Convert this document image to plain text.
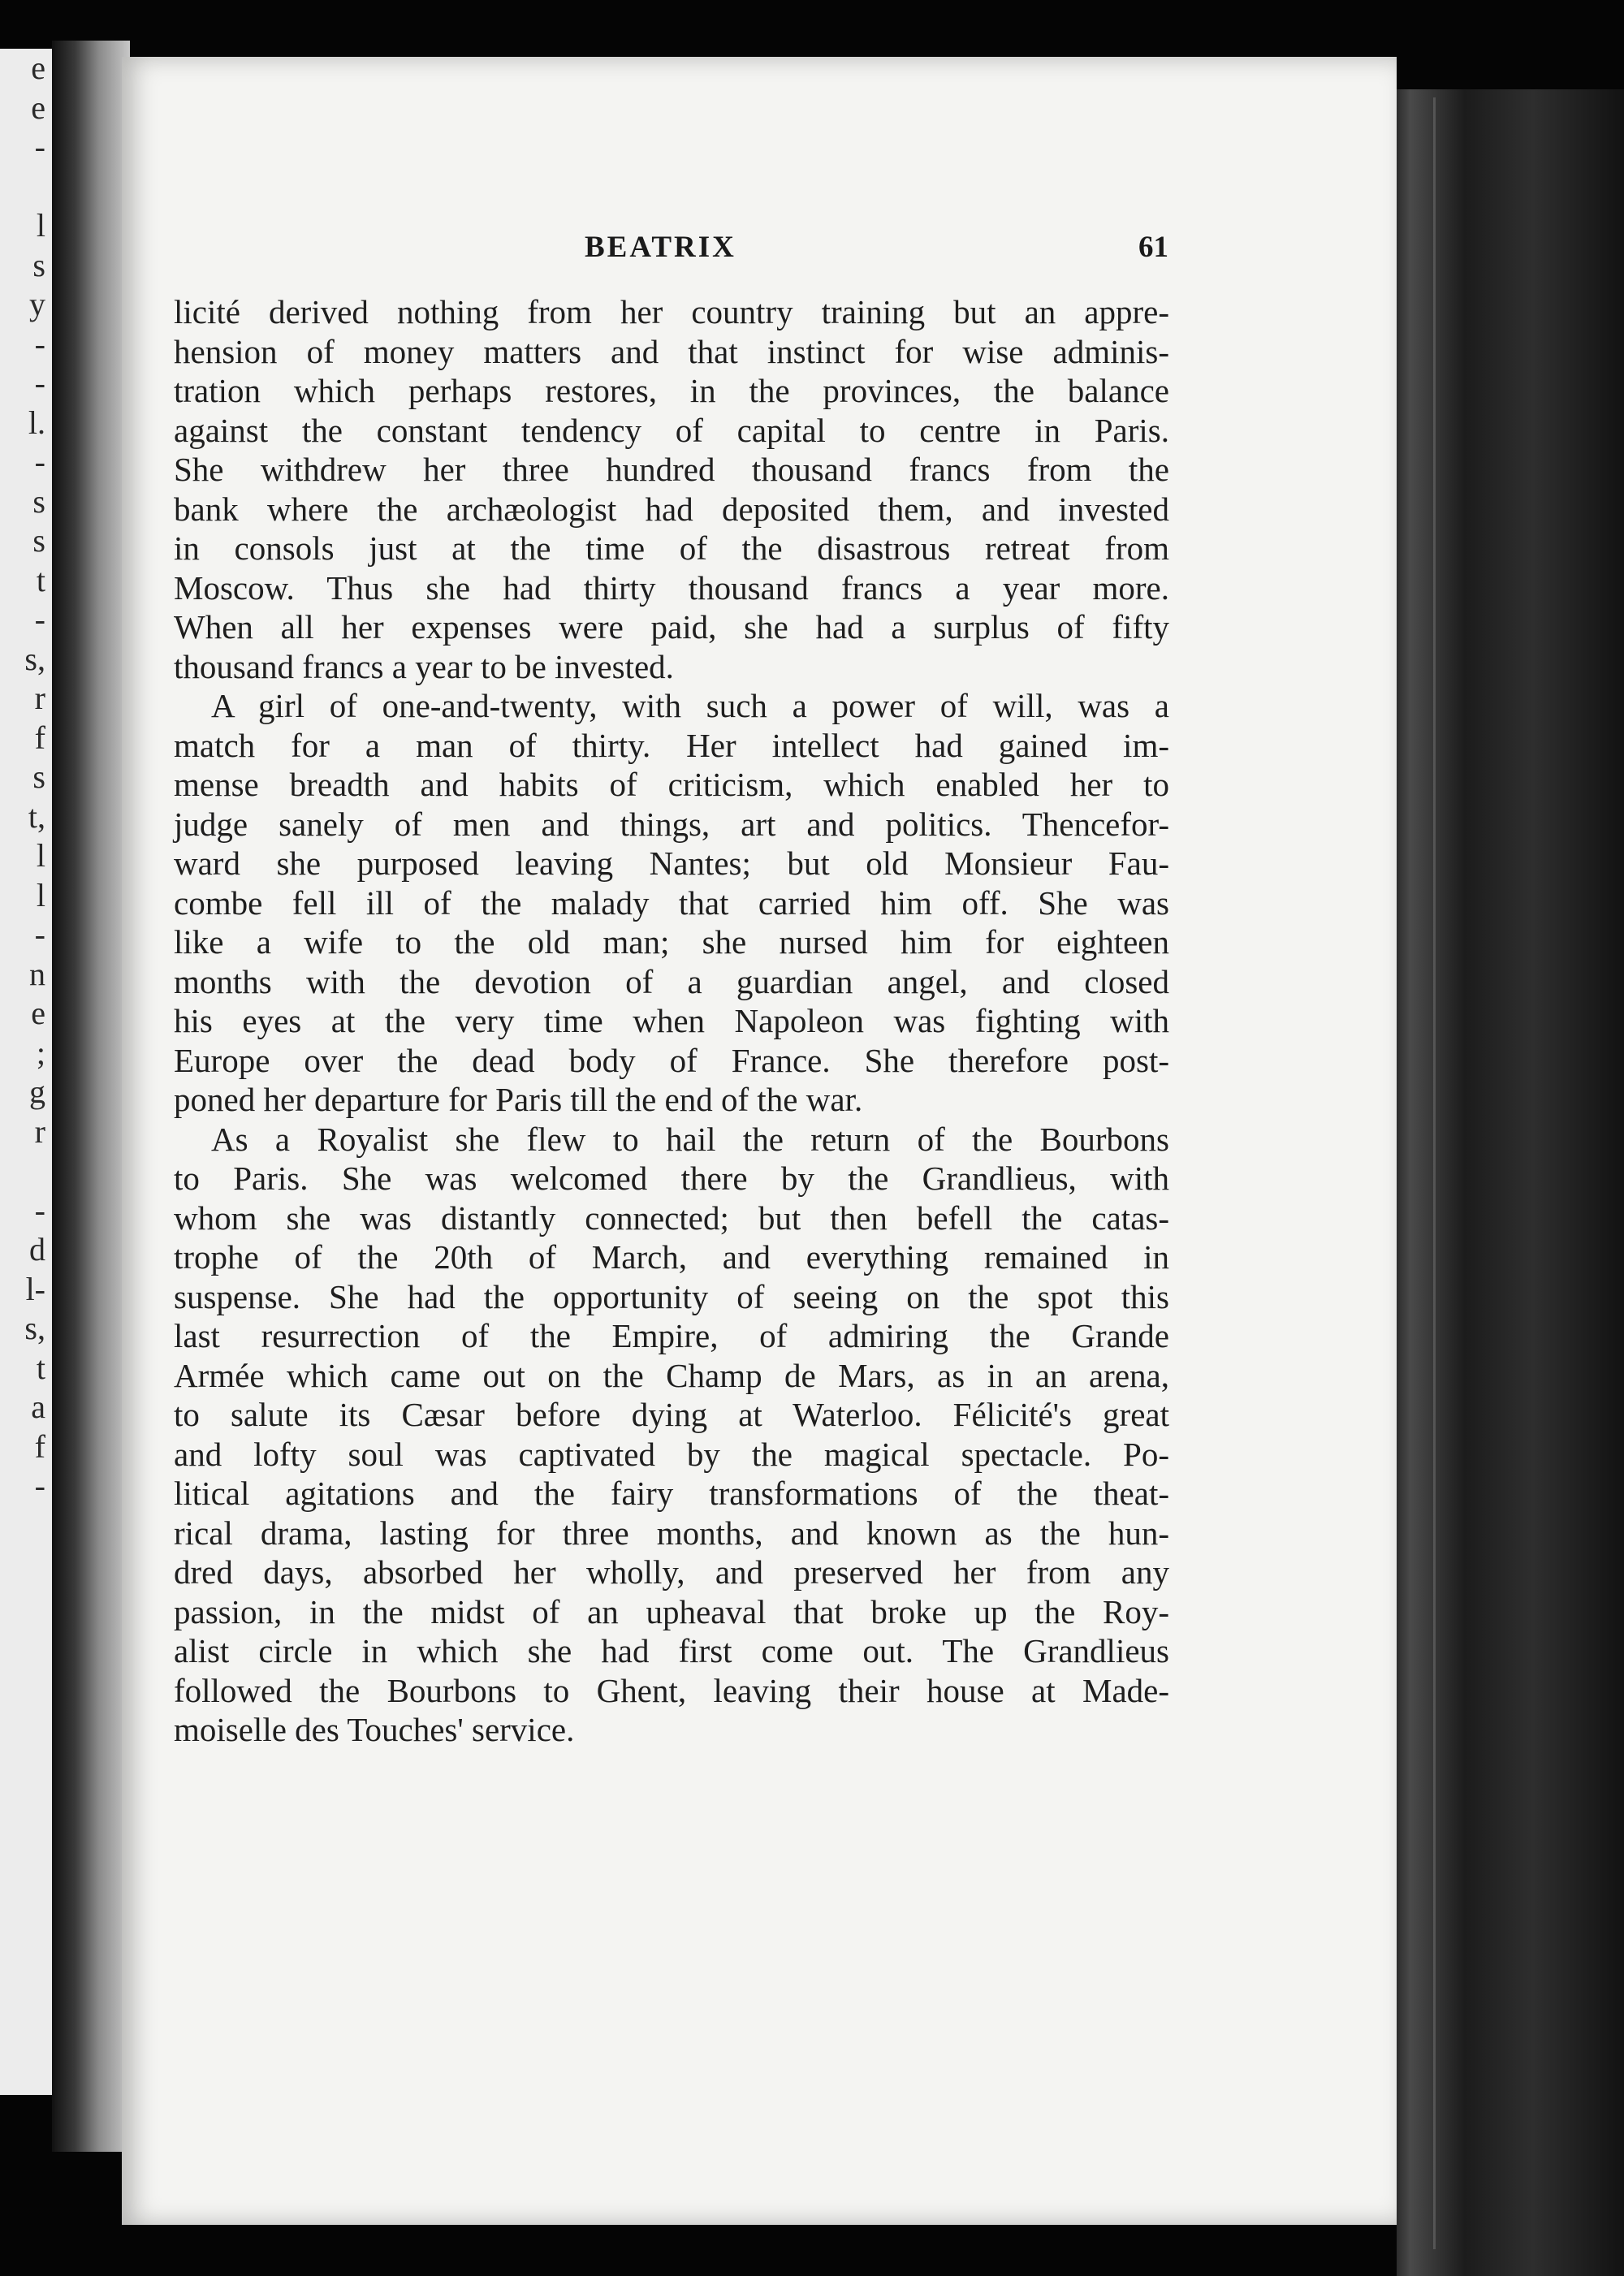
e
e
-
l
s
y
-
-
l.
-
s
s
t
-
s,
r
f
s
t,
l
l
-
n
e
;
g
r
-
d
l-
s,
t
a
f
-
BEATRIX	61
licité derived nothing from her country training but an appre-
hension of money matters and that instinct for wise adminis-
tration which perhaps restores, in the provinces, the balance
against the constant tendency of capital to centre in Paris.
She withdrew her three hundred thousand francs from the
bank where the archæologist had deposited them, and invested
in consols just at the time of the disastrous retreat from
Moscow. Thus she had thirty thousand francs a year more.
When all her expenses were paid, she had a surplus of fifty
thousand francs a year to be invested.
A girl of one-and-twenty, with such a power of will, was a
match for a man of thirty. Her intellect had gained im-
mense breadth and habits of criticism, which enabled her to
judge sanely of men and things, art and politics. Thencefor-
ward she purposed leaving Nantes; but old Monsieur Fau-
combe fell ill of the malady that carried him off. She was
like a wife to the old man; she nursed him for eighteen
months with the devotion of a guardian angel, and closed
his eyes at the very time when Napoleon was fighting with
Europe over the dead body of France. She therefore post-
poned her departure for Paris till the end of the war.
As a Royalist she flew to hail the return of the Bourbons
to Paris. She was welcomed there by the Grandlieus, with
whom she was distantly connected; but then befell the catas-
trophe of the 20th of March, and everything remained in
suspense. She had the opportunity of seeing on the spot this
last resurrection of the Empire, of admiring the Grande
Armée which came out on the Champ de Mars, as in an arena,
to salute its Cæsar before dying at Waterloo. Félicité's great
and lofty soul was captivated by the magical spectacle. Po-
litical agitations and the fairy transformations of the theat-
rical drama, lasting for three months, and known as the hun-
dred days, absorbed her wholly, and preserved her from any
passion, in the midst of an upheaval that broke up the Roy-
alist circle in which she had first come out. The Grandlieus
followed the Bourbons to Ghent, leaving their house at Made-
moiselle des Touches' service.
